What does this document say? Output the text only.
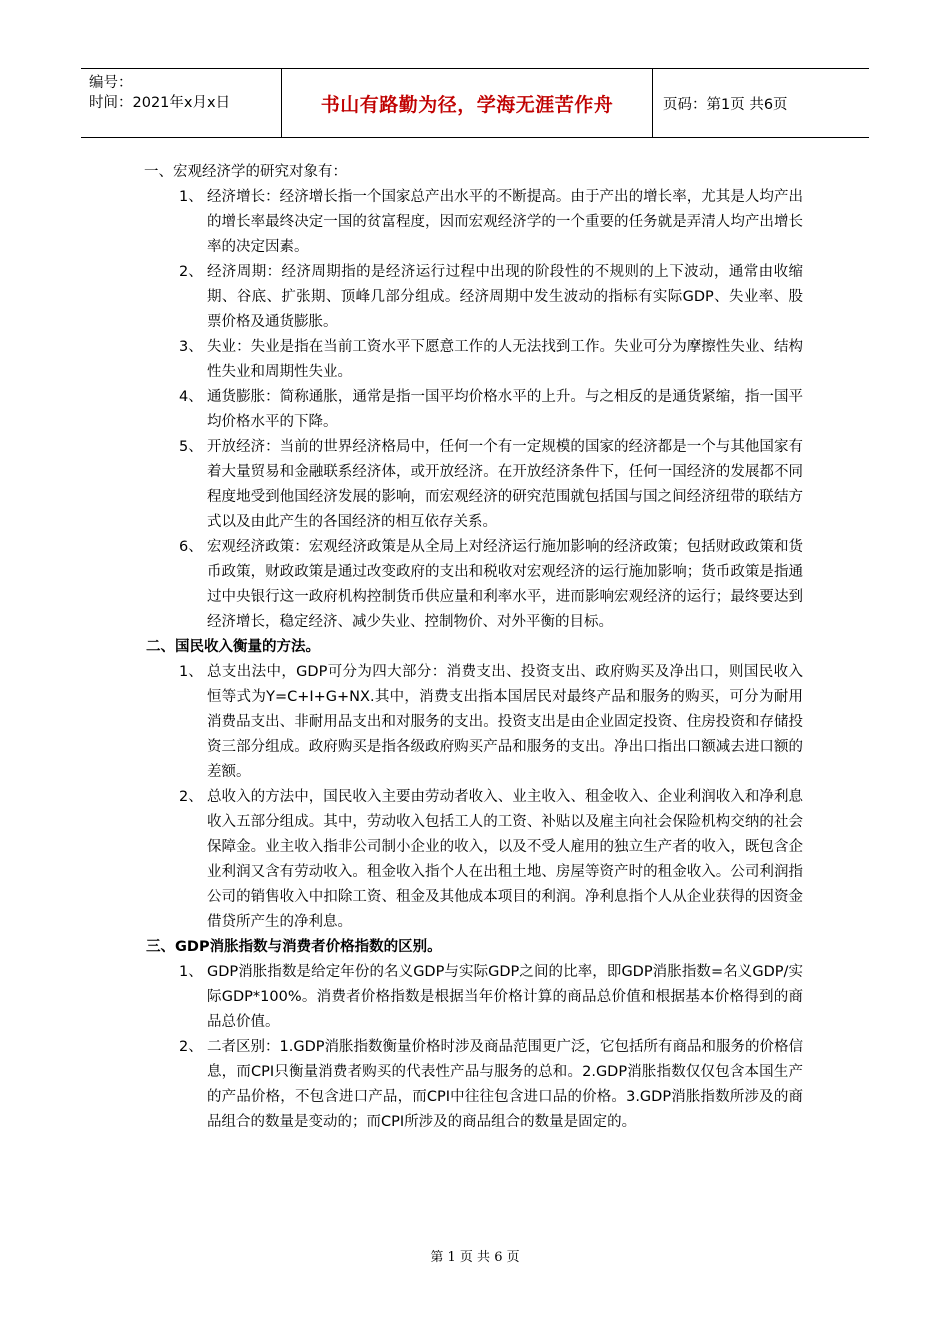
编号：
时间：2021年x月x日	书山有路勤为径，学海无涯苦作舟	页码：第1页 共6页
一、宏观经济学的研究对象有：
1、 经济增长：经济增长指一个国家总产出水平的不断提高。由于产出的增长率，尤其是人均产出的增长率最终决定一国的贫富程度，因而宏观经济学的一个重要的任务就是弄清人均产出增长率的决定因素。
2、 经济周期：经济周期指的是经济运行过程中出现的阶段性的不规则的上下波动，通常由收缩期、谷底、扩张期、顶峰几部分组成。经济周期中发生波动的指标有实际GDP、失业率、股票价格及通货膨胀。
3、 失业：失业是指在当前工资水平下愿意工作的人无法找到工作。失业可分为摩擦性失业、结构性失业和周期性失业。
4、 通货膨胀：简称通胀，通常是指一国平均价格水平的上升。与之相反的是通货紧缩，指一国平均价格水平的下降。
5、 开放经济：当前的世界经济格局中，任何一个有一定规模的国家的经济都是一个与其他国家有着大量贸易和金融联系经济体，或开放经济。在开放经济条件下，任何一国经济的发展都不同程度地受到他国经济发展的影响，而宏观经济的研究范围就包括国与国之间经济纽带的联结方式以及由此产生的各国经济的相互依存关系。
6、 宏观经济政策：宏观经济政策是从全局上对经济运行施加影响的经济政策；包括财政政策和货币政策，财政政策是通过改变政府的支出和税收对宏观经济的运行施加影响；货币政策是指通过中央银行这一政府机构控制货币供应量和利率水平，进而影响宏观经济的运行；最终要达到经济增长，稳定经济、减少失业、控制物价、对外平衡的目标。
二、国民收入衡量的方法。
1、 总支出法中，GDP可分为四大部分：消费支出、投资支出、政府购买及净出口，则国民收入恒等式为Y=C+I+G+NX.其中，消费支出指本国居民对最终产品和服务的购买，可分为耐用消费品支出、非耐用品支出和对服务的支出。投资支出是由企业固定投资、住房投资和存储投资三部分组成。政府购买是指各级政府购买产品和服务的支出。净出口指出口额减去进口额的差额。
2、 总收入的方法中，国民收入主要由劳动者收入、业主收入、租金收入、企业利润收入和净利息收入五部分组成。其中，劳动收入包括工人的工资、补贴以及雇主向社会保险机构交纳的社会保障金。业主收入指非公司制小企业的收入，以及不受人雇用的独立生产者的收入，既包含企业利润又含有劳动收入。租金收入指个人在出租土地、房屋等资产时的租金收入。公司利润指公司的销售收入中扣除工资、租金及其他成本项目的利润。净利息指个人从企业获得的因资金借贷所产生的净利息。
三、GDP消胀指数与消费者价格指数的区别。
1、 GDP消胀指数是给定年份的名义GDP与实际GDP之间的比率，即GDP消胀指数=名义GDP/实际GDP*100%。消费者价格指数是根据当年价格计算的商品总价值和根据基本价格得到的商品总价值。
2、 二者区别：1.GDP消胀指数衡量价格时涉及商品范围更广泛，它包括所有商品和服务的价格信息，而CPI只衡量消费者购买的代表性产品与服务的总和。2.GDP消胀指数仅仅包含本国生产的产品价格，不包含进口产品，而CPI中往往包含进口品的价格。3.GDP消胀指数所涉及的商品组合的数量是变动的；而CPI所涉及的商品组合的数量是固定的。
第 1 页 共 6 页
